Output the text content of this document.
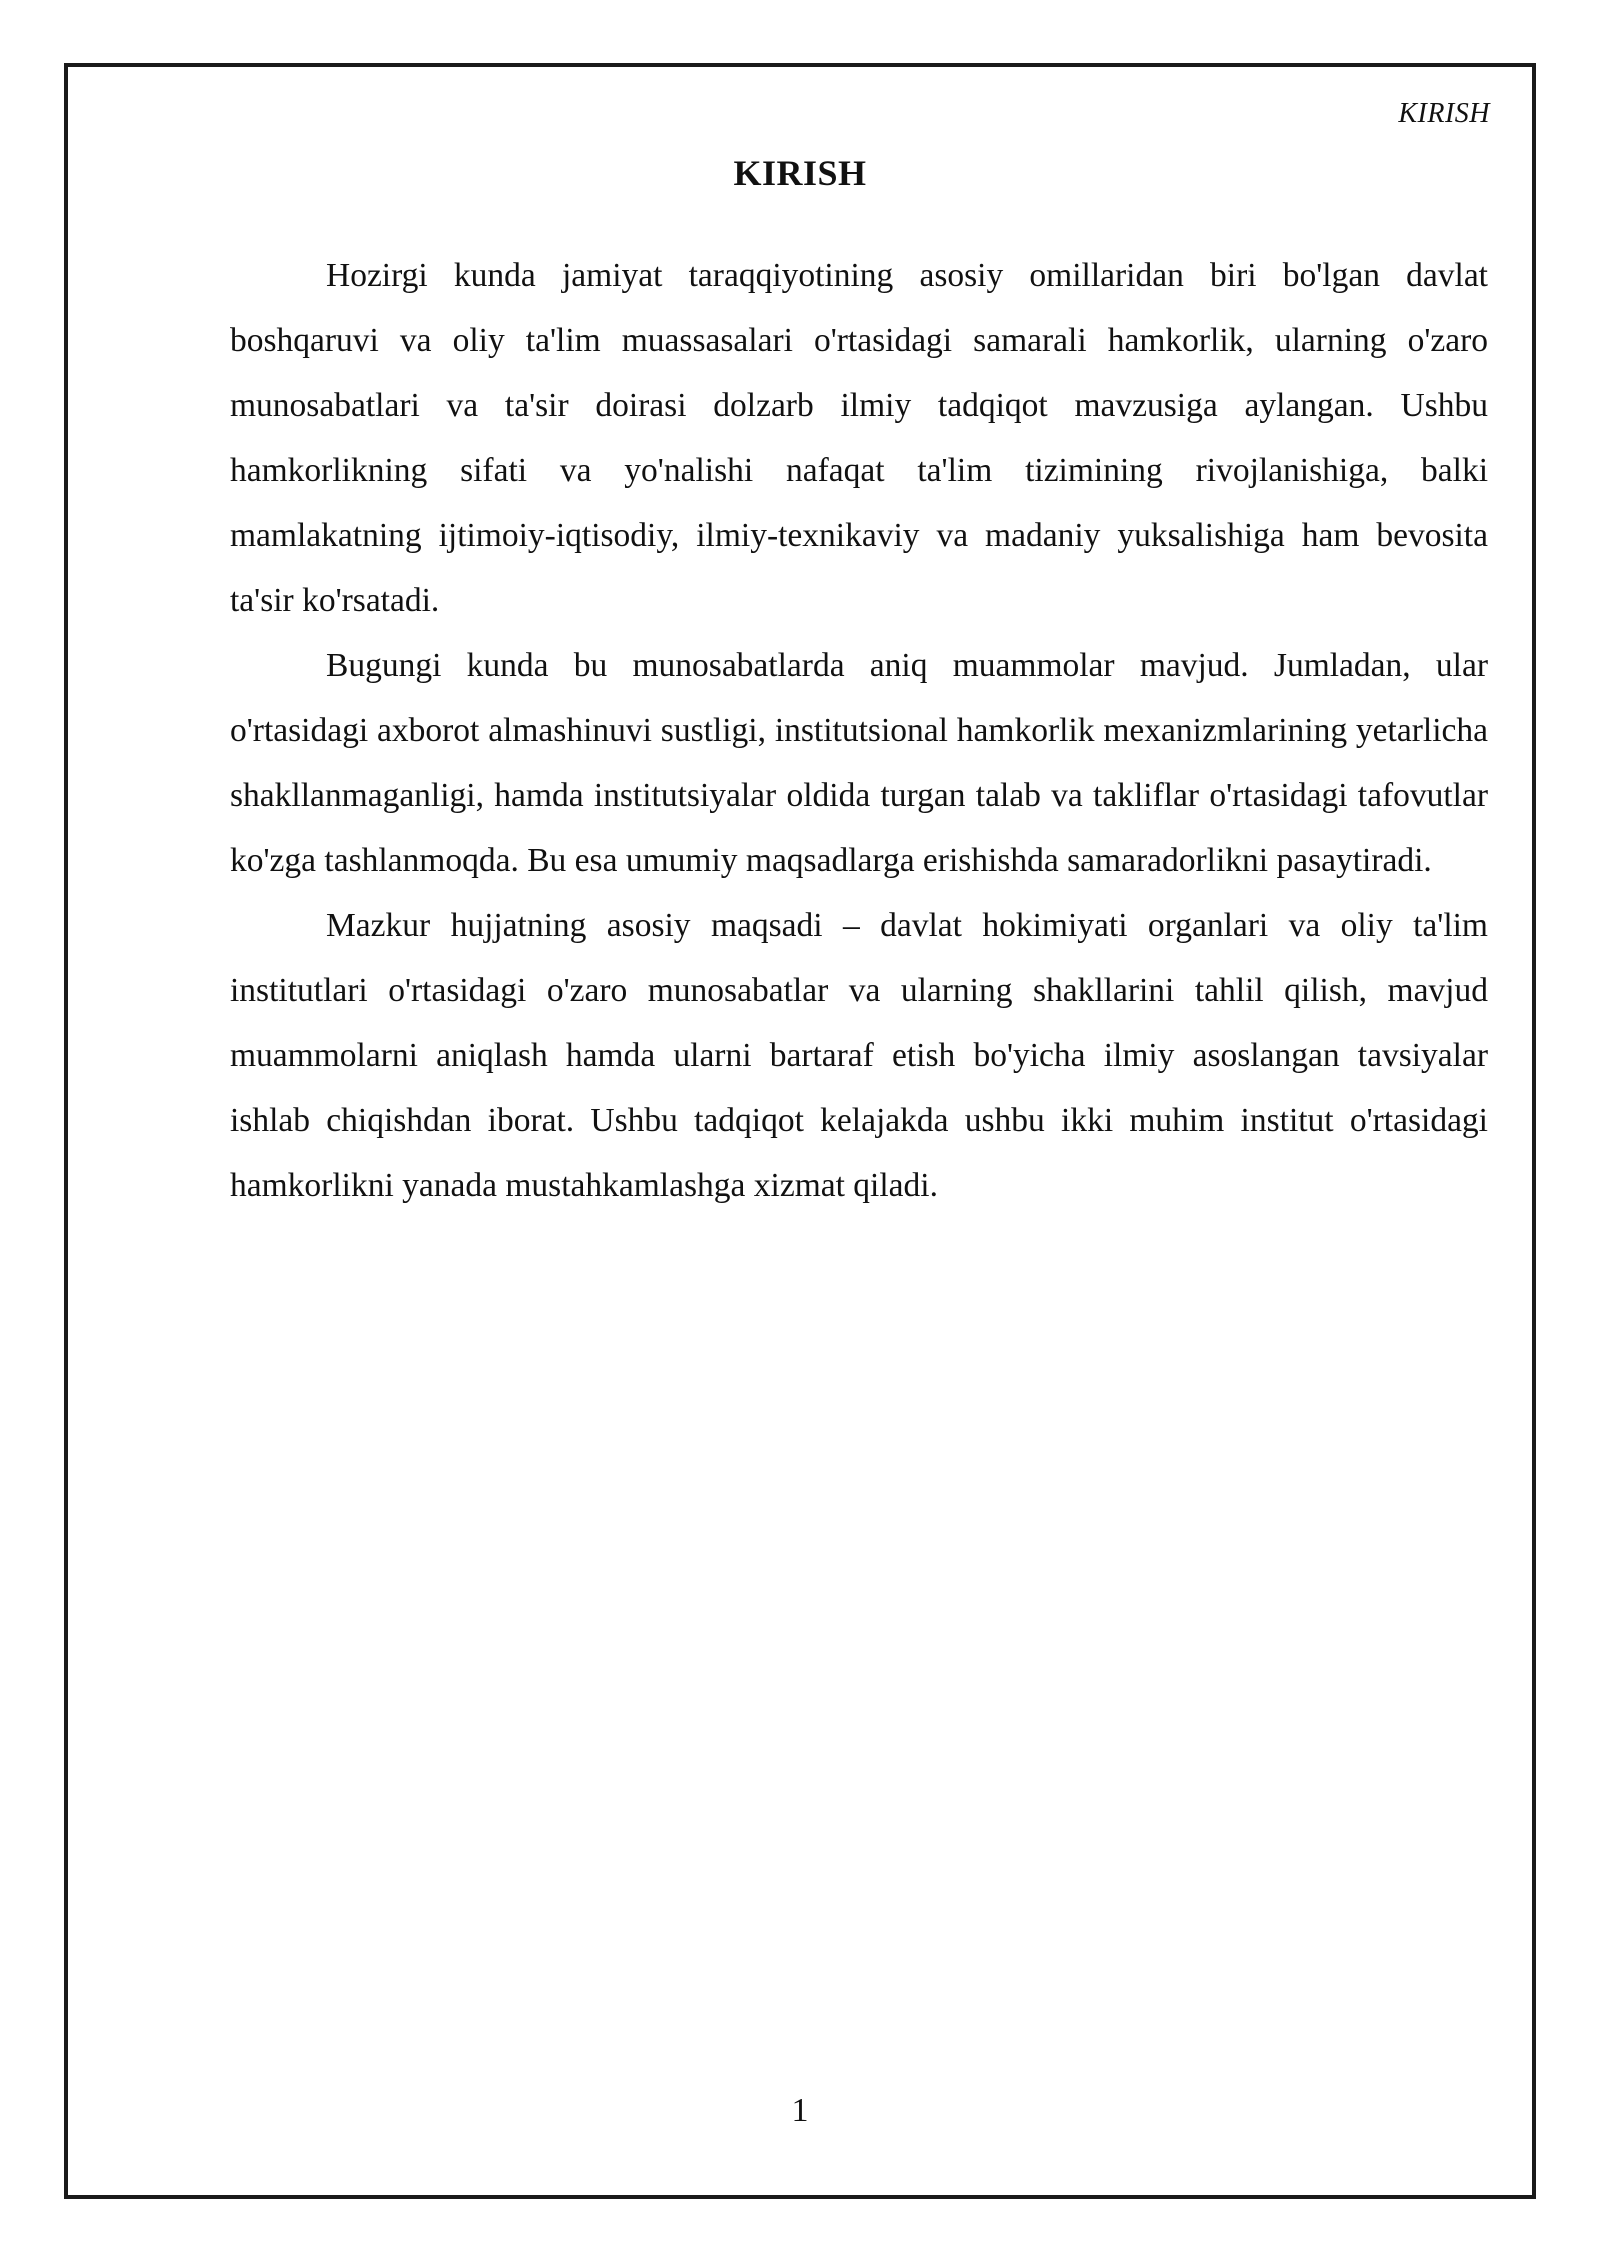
KIRISH
KIRISH

Hozirgi kunda jamiyat taraqqiyotining asosiy omillaridan biri bo'lgan davlat boshqaruvi va oliy ta'lim muassasalari o'rtasidagi samarali hamkorlik, ularning o'zaro munosabatlari va ta'sir doirasi dolzarb ilmiy tadqiqot mavzusiga aylangan. Ushbu hamkorlikning sifati va yo'nalishi nafaqat ta'lim tizimining rivojlanishiga, balki mamlakatning ijtimoiy-iqtisodiy, ilmiy-texnikaviy va madaniy yuksalishiga ham bevosita ta'sir ko'rsatadi.

Bugungi kunda bu munosabatlarda aniq muammolar mavjud. Jumladan, ular o'rtasidagi axborot almashinuvi sustligi, institutsional hamkorlik mexanizmlarining yetarlicha shakllanmaganligi, hamda institutsiyalar oldida turgan talab va takliflar o'rtasidagi tafovutlar ko'zga tashlanmoqda. Bu esa umumiy maqsadlarga erishishda samaradorlikni pasaytiradi.

Mazkur hujjatning asosiy maqsadi – davlat hokimiyati organlari va oliy ta'lim institutlari o'rtasidagi o'zaro munosabatlar va ularning shakllarini tahlil qilish, mavjud muammolarni aniqlash hamda ularni bartaraf etish bo'yicha ilmiy asoslangan tavsiyalar ishlab chiqishdan iborat. Ushbu tadqiqot kelajakda ushbu ikki muhim institut o'rtasidagi hamkorlikni yanada mustahkamlashga xizmat qiladi.

1
